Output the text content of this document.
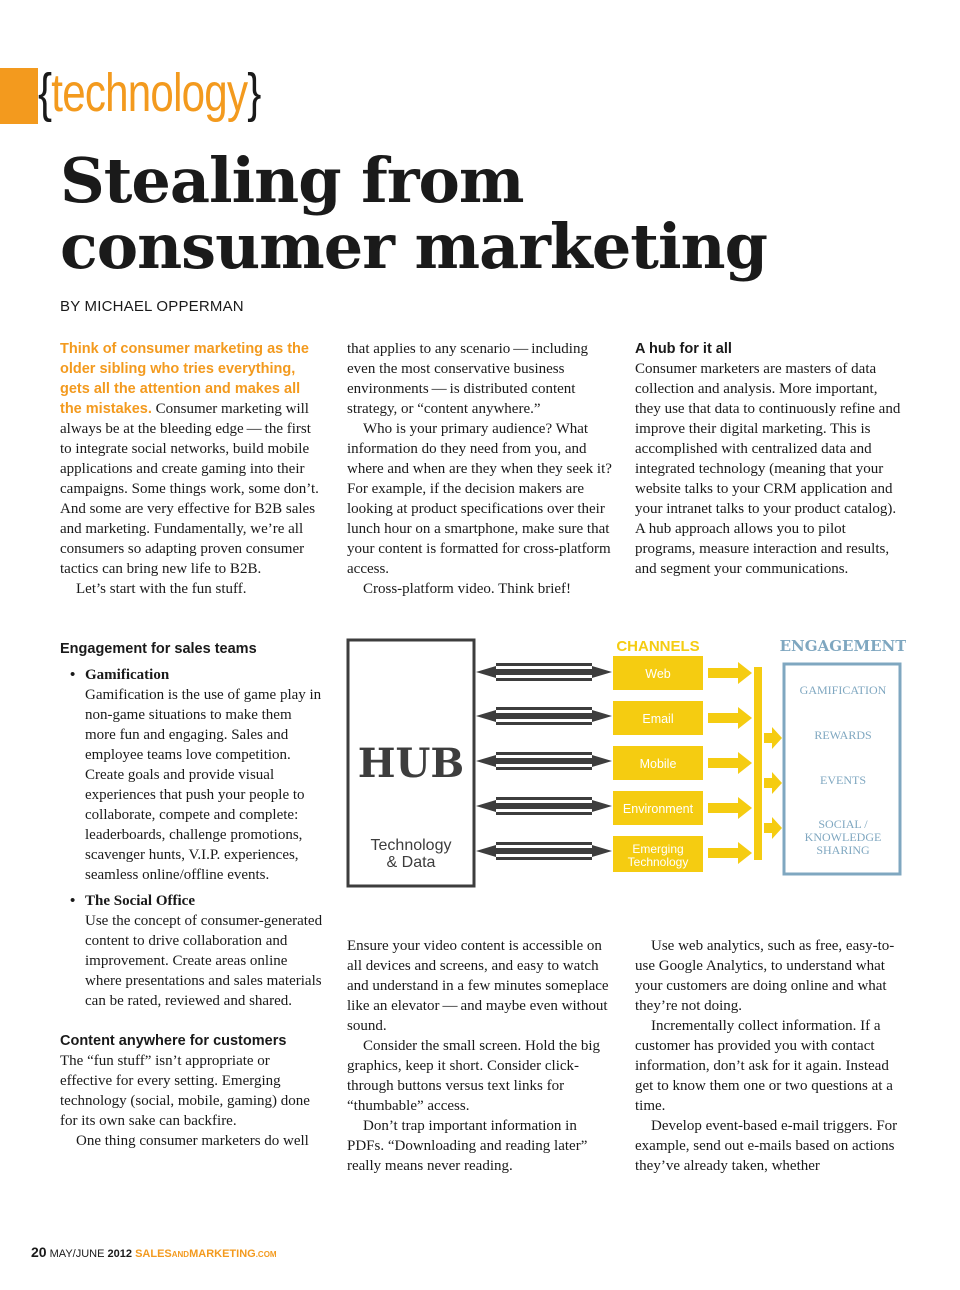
{technology}
Stealing from
consumer marketing
BY MICHAEL OPPERMAN

Think of consumer marketing as the older sibling who tries everything, gets all the attention and makes all the mistakes. Consumer marketing will always be at the bleeding edge — the first to integrate social networks, build mobile applications and create gaming into their campaigns. Some things work, some don’t. And some are very effective for B2B sales and marketing. Fundamentally, we’re all consumers so adapting proven consumer tactics can bring new life to B2B.

Let’s start with the fun stuff.

that applies to any scenario — including even the most conservative business environments — is distributed content strategy, or “content anywhere.”

Who is your primary audience? What information do they need from you, and where and when are they when they seek it? For example, if the decision makers are looking at product specifications over their lunch hour on a smartphone, make sure that your content is formatted for cross-platform access.

Cross-platform video. Think brief!

A hub for it all

Consumer marketers are masters of data collection and analysis. More important, they use that data to continuously refine and improve their digital marketing. This is accomplished with centralized data and integrated technology (meaning that your website talks to your CRM application and your intranet talks to your product catalog). A hub approach allows you to pilot programs, measure interaction and results, and segment your communications.

Engagement for sales teams
• Gamification
Gamification is the use of game play in non-game situations to make them more fun and engaging. Sales and employee teams love competition. Create goals and provide visual experiences that push your people to collaborate, compete and complete: leaderboards, challenge promotions, scavenger hunts, V.I.P. experiences, seamless online/offline events.
• The Social Office
Use the concept of consumer-generated content to drive collaboration and improvement. Create areas online where presentations and sales materials can be rated, reviewed and shared.
Content anywhere for customers

The “fun stuff” isn’t appropriate or effective for every setting. Emerging technology (social, mobile, gaming) done for its own sake can backfire.

One thing consumer marketers do well

HUB
Technology
& Data
CHANNELS
Web
Email
Mobile
Environment
Emerging Technology
ENGAGEMENT
GAMIFICATION
REWARDS
EVENTS
SOCIAL / KNOWLEDGE SHARING

Ensure your video content is accessible on all devices and screens, and easy to watch and understand in a few minutes someplace like an elevator — and maybe even without sound.

Consider the small screen. Hold the big graphics, keep it short. Consider click-through buttons versus text links for “thumbable” access.

Don’t trap important information in PDFs. “Downloading and reading later” really means never reading.

Use web analytics, such as free, easy-to-use Google Analytics, to understand what your customers are doing online and what they’re not doing.

Incrementally collect information. If a customer has provided you with contact information, don’t ask for it again. Instead get to know them one or two questions at a time.

Develop event-based e-mail triggers. For example, send out e-mails based on actions they’ve already taken, whether

20 MAY/JUNE 2012 SALESANDMARKETING.COM
